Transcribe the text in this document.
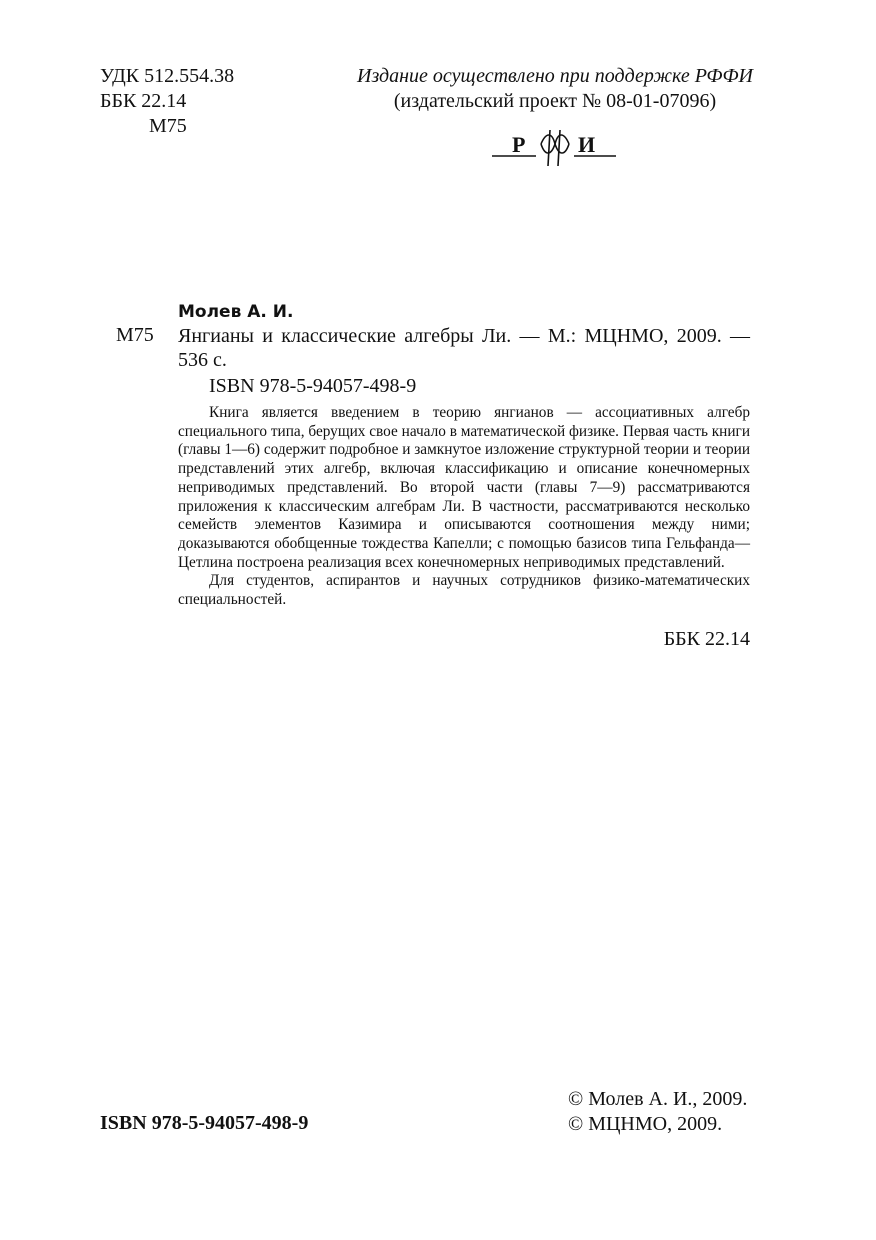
УДК 512.554.38
ББК 22.14
М75
Издание осуществлено при поддержке РФФИ
(издательский проект № 08-01-07096)
Р И
Молев А. И.
М75 Янгианы и классические алгебры Ли. — М.: МЦНМО, 2009. — 536 с.
ISBN 978-5-94057-498-9

Книга является введением в теорию янгианов — ассоциативных алгебр специального типа, берущих свое начало в математической физике. Первая часть книги (главы 1—6) содержит подробное и замкнутое изложение структурной теории и теории представлений этих алгебр, включая классификацию и описание конечномерных неприводимых представлений. Во второй части (главы 7—9) рассматриваются приложения к классическим алгебрам Ли. В частности, рассматриваются несколько семейств элементов Казимира и описываются соотношения между ними; доказываются обобщенные тождества Капелли; с помощью базисов типа Гельфанда—Цетлина построена реализация всех конечномерных неприводимых представлений.

Для студентов, аспирантов и научных сотрудников физико-математических специальностей.

ББК 22.14
ISBN 978-5-94057-498-9
© Молев А. И., 2009.
© МЦНМО, 2009.
